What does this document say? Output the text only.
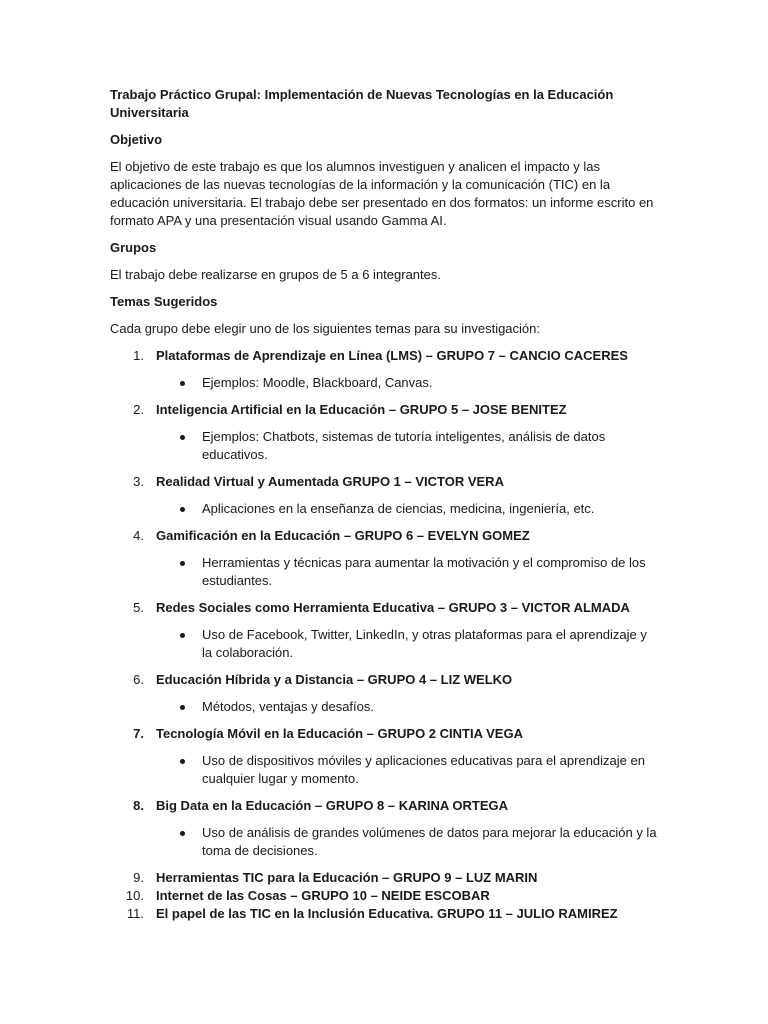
Trabajo Práctico Grupal: Implementación de Nuevas Tecnologías en la Educación Universitaria
Objetivo
El objetivo de este trabajo es que los alumnos investiguen y analicen el impacto y las aplicaciones de las nuevas tecnologías de la información y la comunicación (TIC) en la educación universitaria. El trabajo debe ser presentado en dos formatos: un informe escrito en formato APA y una presentación visual usando Gamma AI.
Grupos
El trabajo debe realizarse en grupos de 5 a 6 integrantes.
Temas Sugeridos
Cada grupo debe elegir uno de los siguientes temas para su investigación:
1. Plataformas de Aprendizaje en Línea (LMS) – GRUPO 7 – CANCIO CACERES
Ejemplos: Moodle, Blackboard, Canvas.
2. Inteligencia Artificial en la Educación – GRUPO 5 – JOSE BENITEZ
Ejemplos: Chatbots, sistemas de tutoría inteligentes, análisis de datos educativos.
3. Realidad Virtual y Aumentada GRUPO 1 – VICTOR VERA
Aplicaciones en la enseñanza de ciencias, medicina, ingeniería, etc.
4. Gamificación en la Educación – GRUPO 6 – EVELYN GOMEZ
Herramientas y técnicas para aumentar la motivación y el compromiso de los estudiantes.
5. Redes Sociales como Herramienta Educativa – GRUPO 3 – VICTOR ALMADA
Uso de Facebook, Twitter, LinkedIn, y otras plataformas para el aprendizaje y la colaboración.
6. Educación Híbrida y a Distancia – GRUPO 4 – LIZ WELKO
Métodos, ventajas y desafíos.
7. Tecnología Móvil en la Educación – GRUPO 2 CINTIA VEGA
Uso de dispositivos móviles y aplicaciones educativas para el aprendizaje en cualquier lugar y momento.
8. Big Data en la Educación – GRUPO 8 – KARINA ORTEGA
Uso de análisis de grandes volúmenes de datos para mejorar la educación y la toma de decisiones.
9. Herramientas TIC para la Educación – GRUPO 9 – LUZ MARIN
10. Internet de las Cosas – GRUPO 10 – NEIDE ESCOBAR
11. El papel de las TIC en la Inclusión Educativa. GRUPO 11 – JULIO RAMIREZ
